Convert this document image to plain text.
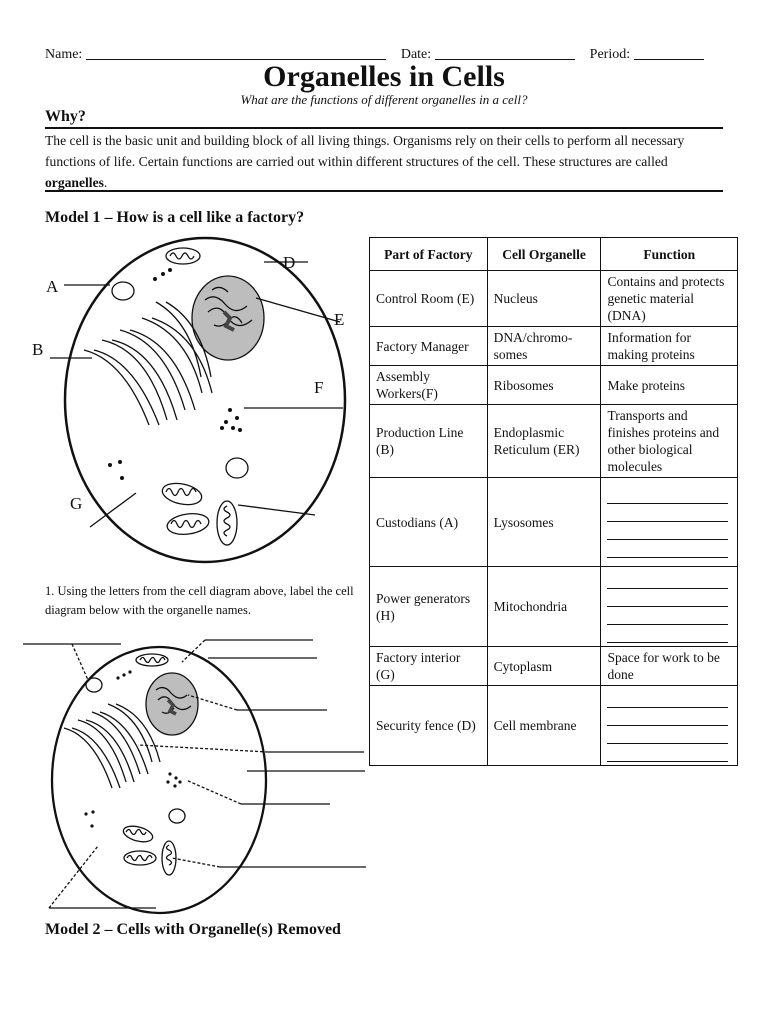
Name:	Date:	Period:
Organelles in Cells
What are the functions of different organelles in a cell?
Why?
The cell is the basic unit and building block of all living things. Organisms rely on their cells to perform all necessary functions of life. Certain functions are carried out within different structures of the cell. These structures are called organelles.
Model 1 – How is a cell like a factory?
A
B
D
E
F
G
Part of Factory	Cell Organelle	Function
Control Room (E)	Nucleus	Contains and protects genetic material (DNA)
Factory Manager	DNA/chromo-somes	Information for making proteins
Assembly Workers(F)	Ribosomes	Make proteins
Production Line (B)	Endoplasmic Reticulum (ER)	Transports and finishes proteins and other biological molecules
Custodians (A)	Lysosomes	

Power generators (H)	Mitochondria	

Factory interior (G)	Cytoplasm	Space for work to be done
Security fence (D)	Cell membrane	
1. Using the letters from the cell diagram above, label the cell diagram below with the organelle names.
Model 2 – Cells with Organelle(s) Removed
